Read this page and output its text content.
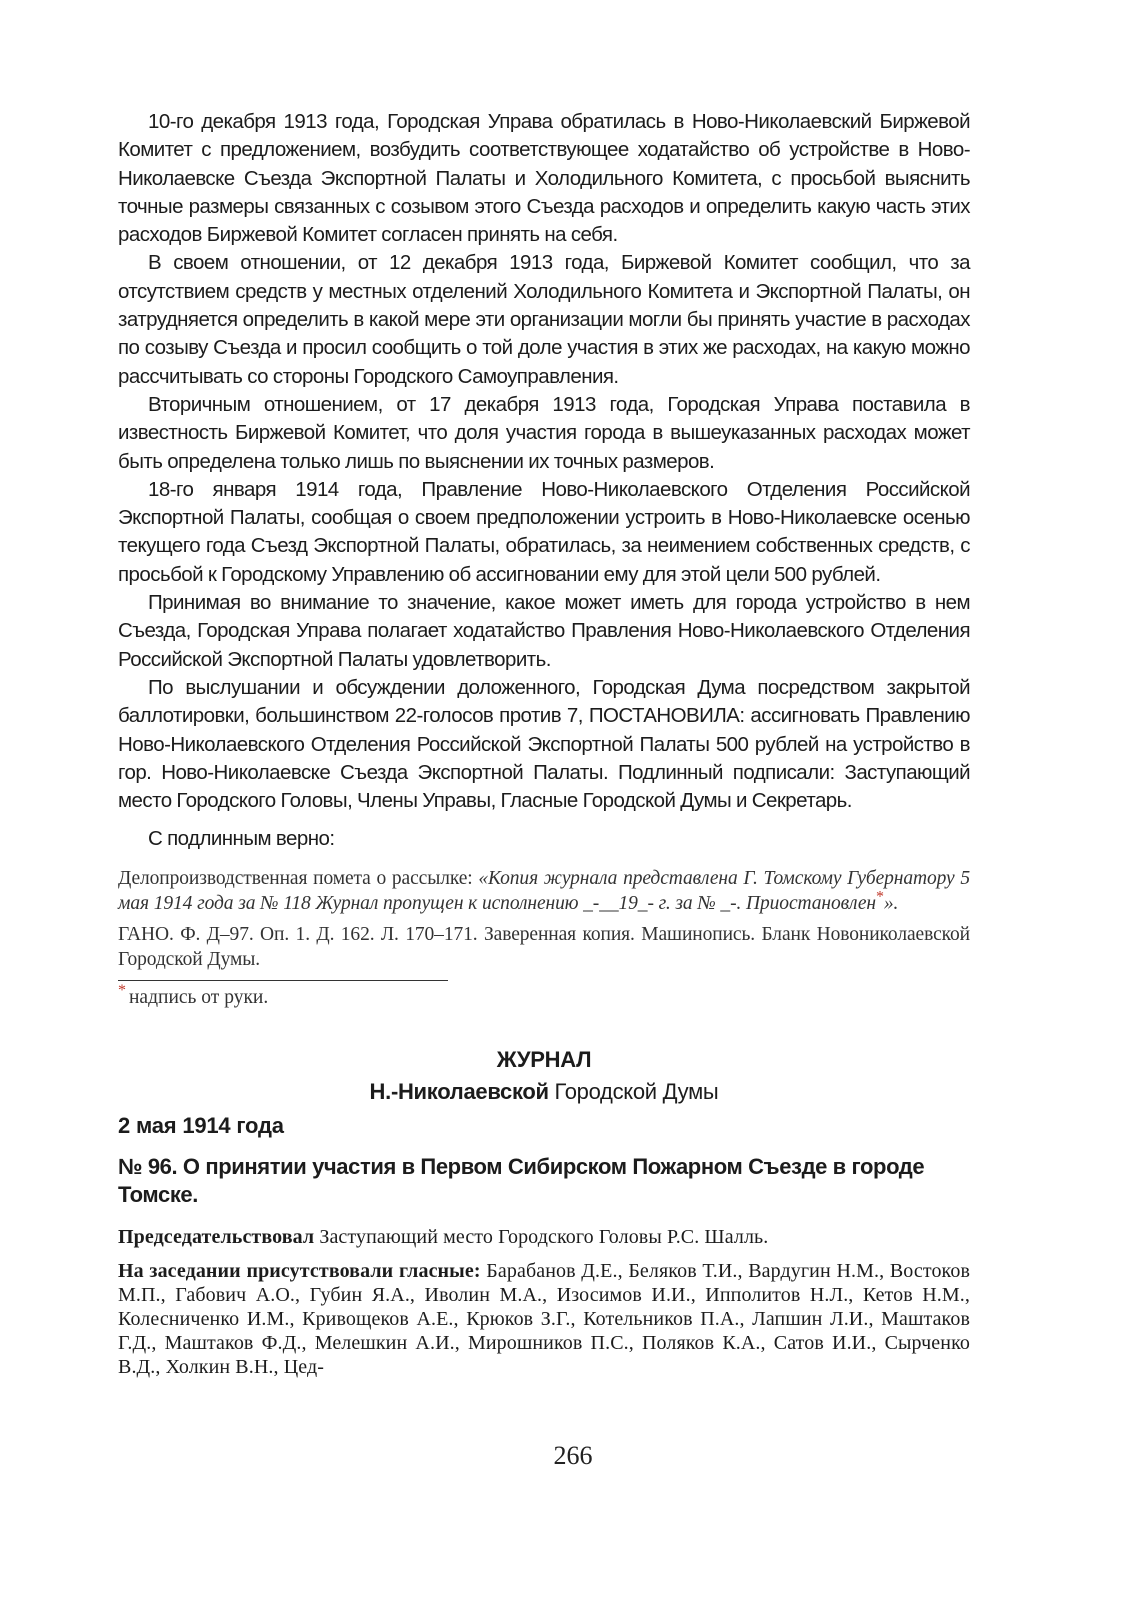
10-го декабря 1913 года, Городская Управа обратилась в Ново-Николаевский Биржевой Комитет с предложением, возбудить соответствующее ходатайство об устройстве в Ново-Николаевске Съезда Экспортной Палаты и Холодильного Комитета, с просьбой выяснить точные размеры связанных с созывом этого Съезда расходов и определить какую часть этих расходов Биржевой Комитет согласен принять на себя.

В своем отношении, от 12 декабря 1913 года, Биржевой Комитет сообщил, что за отсутствием средств у местных отделений Холодильного Комитета и Экспортной Палаты, он затрудняется определить в какой мере эти организации могли бы принять участие в расходах по созыву Съезда и просил сообщить о той доле участия в этих же расходах, на какую можно рассчитывать со стороны Городского Самоуправления.

Вторичным отношением, от 17 декабря 1913 года, Городская Управа поставила в известность Биржевой Комитет, что доля участия города в вышеуказанных расходах может быть определена только лишь по выяснении их точных размеров.

18-го января 1914 года, Правление Ново-Николаевского Отделения Российской Экспортной Палаты, сообщая о своем предположении устроить в Ново-Николаевске осенью текущего года Съезд Экспортной Палаты, обратилась, за неимением собственных средств, с просьбой к Городскому Управлению об ассигновании ему для этой цели 500 рублей.

Принимая во внимание то значение, какое может иметь для города устройство в нем Съезда, Городская Управа полагает ходатайство Правления Ново-Николаевского Отделения Российской Экспортной Палаты удовлетворить.

По выслушании и обсуждении доложенного, Городская Дума посредством закрытой баллотировки, большинством 22-голосов против 7, ПОСТАНОВИЛА: ассигновать Правлению Ново-Николаевского Отделения Российской Экспортной Палаты 500 рублей на устройство в гор. Ново-Николаевске Съезда Экспортной Палаты. Подлинный подписали: Заступающий место Городского Головы, Члены Управы, Гласные Городской Думы и Секретарь.

С подлинным верно:

Делопроизводственная помета о рассылке: «Копия журнала представлена Г. Томскому Губернатору 5 мая 1914 года за № 118 Журнал пропущен к исполнению _-__19_- г. за № _-. Приостановлен*».

ГАНО. Ф. Д–97. Оп. 1. Д. 162. Л. 170–171. Заверенная копия. Машинопись. Бланк Новониколаевской Городской Думы.

* надпись от руки.

ЖУРНАЛ

Н.-Николаевской Городской Думы

2 мая 1914 года

№ 96. О принятии участия в Первом Сибирском Пожарном Съезде в городе Томске.

Председательствовал Заступающий место Городского Головы Р.С. Шалль.

На заседании присутствовали гласные: Барабанов Д.Е., Беляков Т.И., Вардугин Н.М., Востоков М.П., Габович А.О., Губин Я.А., Иволин М.А., Изосимов И.И., Ипполитов Н.Л., Кетов Н.М., Колесниченко И.М., Кривощеков А.Е., Крюков З.Г., Котельников П.А., Лапшин Л.И., Маштаков Г.Д., Маштаков Ф.Д., Мелешкин А.И., Мирошников П.С., Поляков К.А., Сатов И.И., Сырченко В.Д., Холкин В.Н., Цед-

266
